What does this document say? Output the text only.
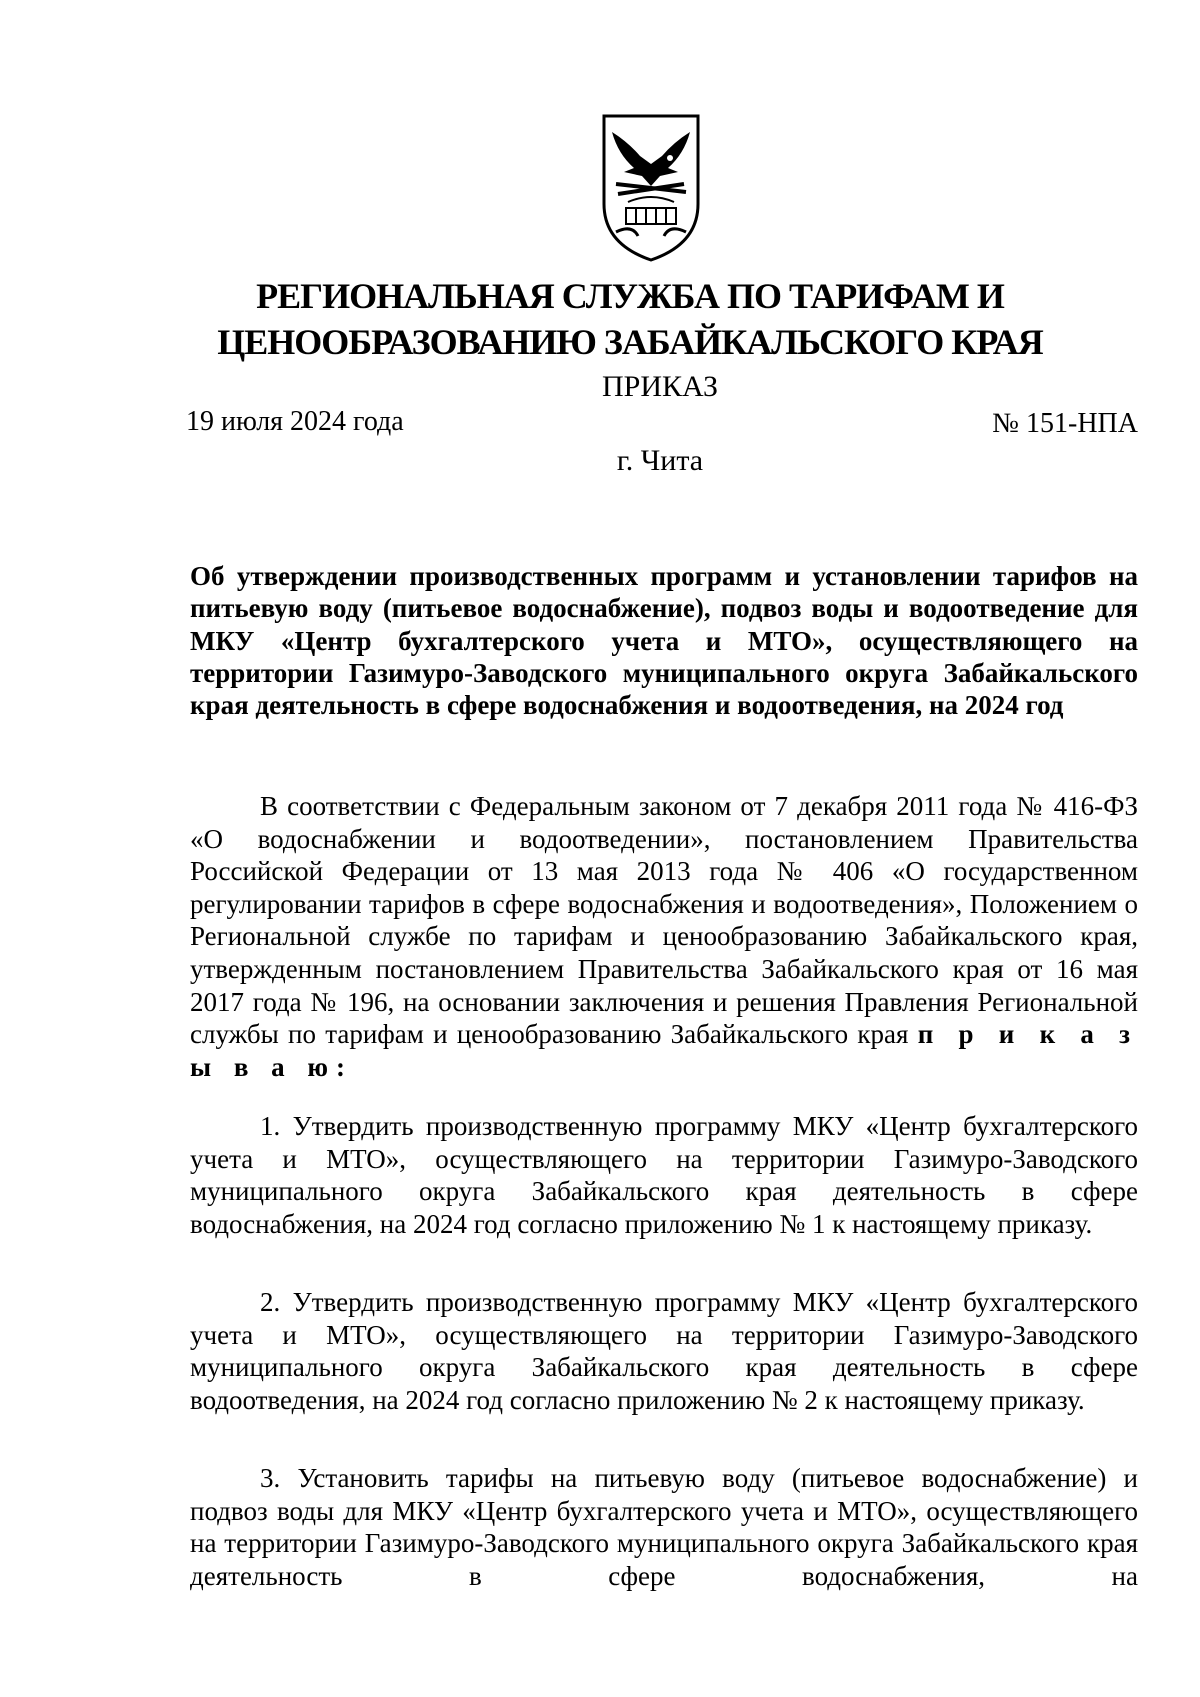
РЕГИОНАЛЬНАЯ СЛУЖБА ПО ТАРИФАМ И
ЦЕНООБРАЗОВАНИЮ ЗАБАЙКАЛЬСКОГО КРАЯ
ПРИКАЗ
19 июля 2024 года	№ 151-НПА
г. Чита
Об утверждении производственных программ и установлении тарифов на питьевую воду (питьевое водоснабжение), подвоз воды и водоотведение для МКУ «Центр бухгалтерского учета и МТО», осуществляющего на территории Газимуро-Заводского муниципального округа Забайкальского края деятельность в сфере водоснабжения и водоотведения, на 2024 год
В соответствии с Федеральным законом от 7 декабря 2011 года № 416-ФЗ «О водоснабжении и водоотведении», постановлением Правительства Российской Федерации от 13 мая 2013 года № 406 «О государственном регулировании тарифов в сфере водоснабжения и водоотведения», Положением о Региональной службе по тарифам и ценообразованию Забайкальского края, утвержденным постановлением Правительства Забайкальского края от 16 мая 2017 года № 196, на основании заключения и решения Правления Региональной службы по тарифам и ценообразованию Забайкальского края п р и к а з ы в а ю:
1. Утвердить производственную программу МКУ «Центр бухгалтерского учета и МТО», осуществляющего на территории Газимуро-Заводского муниципального округа Забайкальского края деятельность в сфере водоснабжения, на 2024 год согласно приложению № 1 к настоящему приказу.
2. Утвердить производственную программу МКУ «Центр бухгалтерского учета и МТО», осуществляющего на территории Газимуро-Заводского муниципального округа Забайкальского края деятельность в сфере водоотведения, на 2024 год согласно приложению № 2 к настоящему приказу.
3. Установить тарифы на питьевую воду (питьевое водоснабжение) и подвоз воды для МКУ «Центр бухгалтерского учета и МТО», осуществляющего на территории Газимуро-Заводского муниципального округа Забайкальского края деятельность в сфере водоснабжения, на
